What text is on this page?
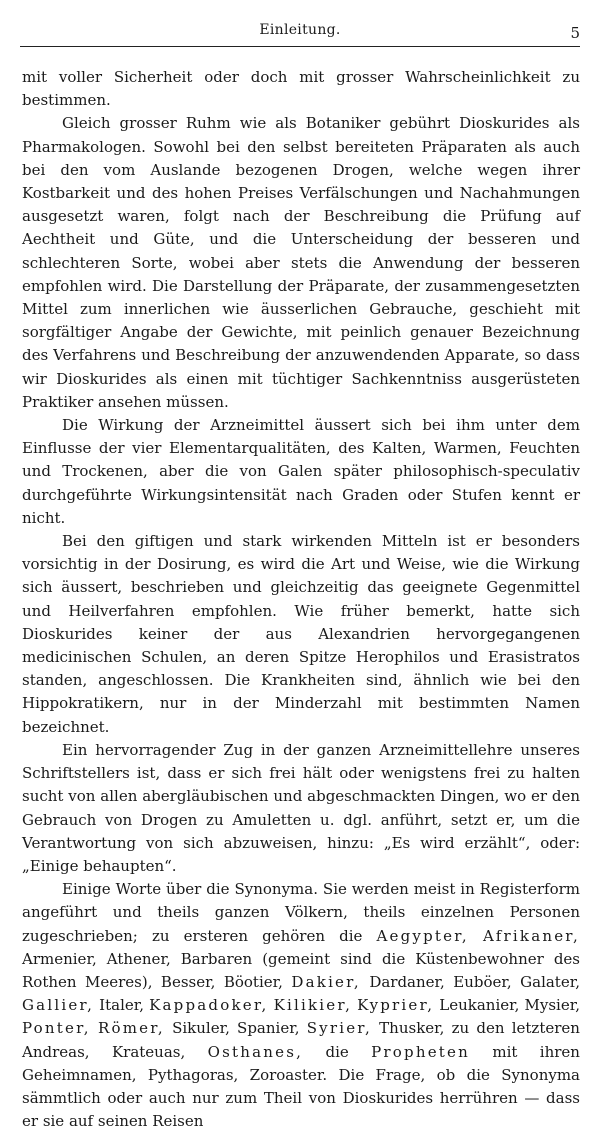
Einleitung.	5

mit voller Sicherheit oder doch mit grosser Wahrscheinlichkeit zu bestimmen.

Gleich grosser Ruhm wie als Botaniker gebührt Dioskurides als Pharmakologen. Sowohl bei den selbst bereiteten Präparaten als auch bei den vom Auslande bezogenen Drogen, welche wegen ihrer Kostbarkeit und des hohen Preises Verfälschungen und Nachahmungen ausgesetzt waren, folgt nach der Beschreibung die Prüfung auf Aechtheit und Güte, und die Unterscheidung der besseren und schlechteren Sorte, wobei aber stets die Anwendung der besseren empfohlen wird. Die Darstellung der Präparate, der zusammengesetzten Mittel zum innerlichen wie äusserlichen Gebrauche, geschieht mit sorgfältiger Angabe der Gewichte, mit peinlich genauer Bezeichnung des Verfahrens und Beschreibung der anzuwendenden Apparate, so dass wir Dioskurides als einen mit tüchtiger Sachkenntniss ausgerüsteten Praktiker ansehen müssen.

Die Wirkung der Arzneimittel äussert sich bei ihm unter dem Einflusse der vier Elementarqualitäten, des Kalten, Warmen, Feuchten und Trockenen, aber die von Galen später philosophisch-speculativ durchgeführte Wirkungsintensität nach Graden oder Stufen kennt er nicht.

Bei den giftigen und stark wirkenden Mitteln ist er besonders vorsichtig in der Dosirung, es wird die Art und Weise, wie die Wirkung sich äussert, beschrieben und gleichzeitig das geeignete Gegenmittel und Heilverfahren empfohlen. Wie früher bemerkt, hatte sich Dioskurides keiner der aus Alexandrien hervorgegangenen medicinischen Schulen, an deren Spitze Herophilos und Erasistratos standen, angeschlossen. Die Krankheiten sind, ähnlich wie bei den Hippokratikern, nur in der Minderzahl mit bestimmten Namen bezeichnet.

Ein hervorragender Zug in der ganzen Arzneimittellehre unseres Schriftstellers ist, dass er sich frei hält oder wenigstens frei zu halten sucht von allen abergläubischen und abgeschmackten Dingen, wo er den Gebrauch von Drogen zu Amuletten u. dgl. anführt, setzt er, um die Verantwortung von sich abzuweisen, hinzu: „Es wird erzählt“, oder: „Einige behaupten“.

Einige Worte über die Synonyma. Sie werden meist in Registerform angeführt und theils ganzen Völkern, theils einzelnen Personen zugeschrieben; zu ersteren gehören die Aegypter, Afrikaner, Armenier, Athener, Barbaren (gemeint sind die Küstenbewohner des Rothen Meeres), Besser, Böotier, Dakier, Dardaner, Euböer, Galater, Gallier, Italer, Kappadoker, Kilikier, Kyprier, Leukanier, Mysier, Ponter, Römer, Sikuler, Spanier, Syrier, Thusker, zu den letzteren Andreas, Krateuas, Osthanes, die Propheten mit ihren Geheimnamen, Pythagoras, Zoroaster. Die Frage, ob die Synonyma sämmtlich oder auch nur zum Theil von Dioskurides herrühren — dass er sie auf seinen Reisen
